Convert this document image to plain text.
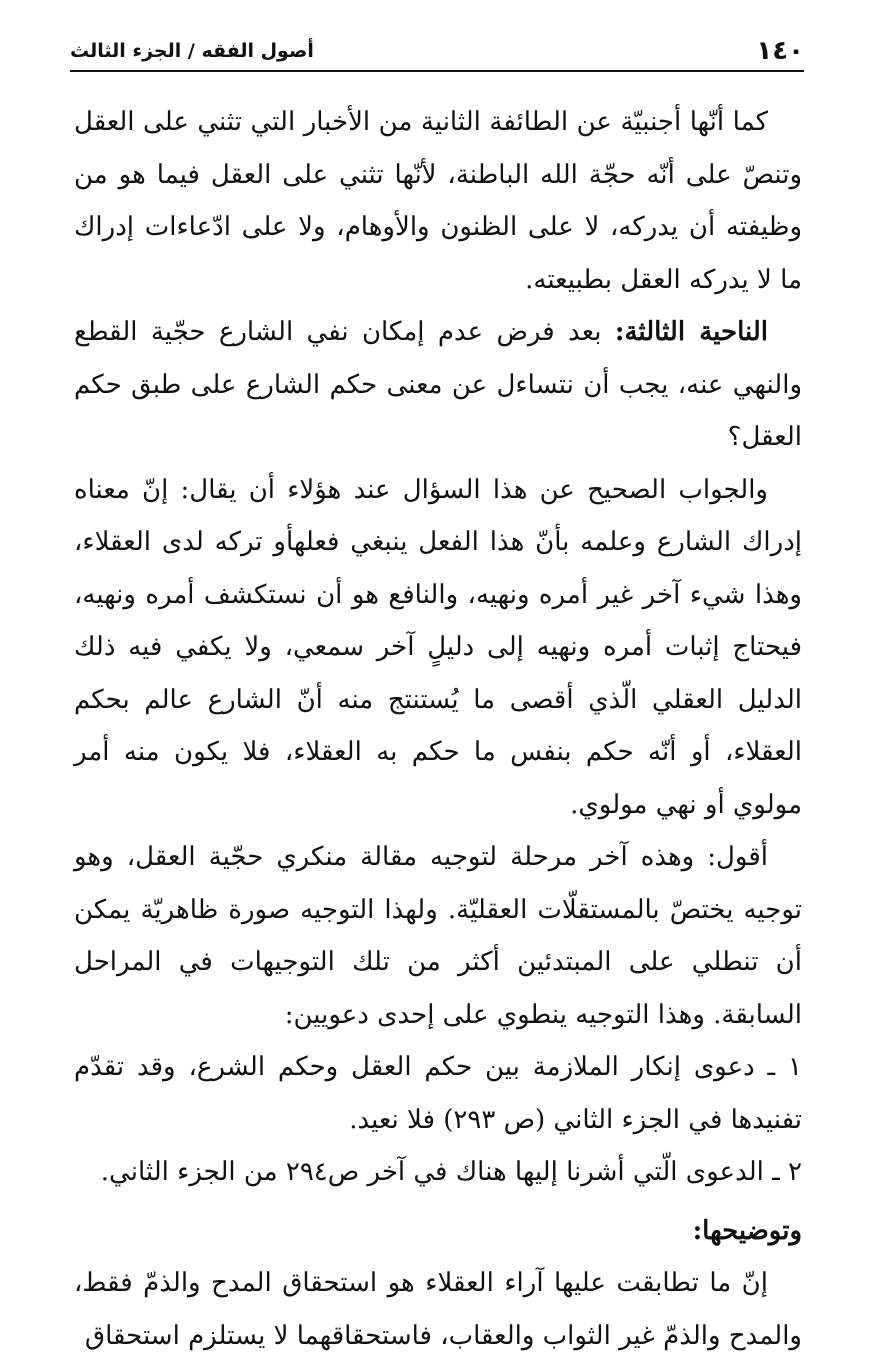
١٤٠
أصول الفقه / الجزء الثالث

كما أنّها أجنبيّة عن الطائفة الثانية من الأخبار التي تثني على العقل وتنصّ على أنّه حجّة الله الباطنة، لأنّها تثني على العقل فيما هو من وظيفته أن يدركه، لا على الظنون والأوهام، ولا على ادّعاءات إدراك ما لا يدركه العقل بطبيعته.

الناحية الثالثة: بعد فرض عدم إمكان نفي الشارع حجّية القطع والنهي عنه، يجب أن نتساءل عن معنى حكم الشارع على طبق حكم العقل؟

والجواب الصحيح عن هذا السؤال عند هؤلاء أن يقال: إنّ معناه إدراك الشارع وعلمه بأنّ هذا الفعل ينبغي فعلهأو تركه لدى العقلاء، وهذا شيء آخر غير أمره ونهيه، والنافع هو أن نستكشف أمره ونهيه، فيحتاج إثبات أمره ونهيه إلى دليلٍ آخر سمعي، ولا يكفي فيه ذلك الدليل العقلي الّذي أقصى ما يُستنتج منه أنّ الشارع عالم بحكم العقلاء، أو أنّه حكم بنفس ما حكم به العقلاء، فلا يكون منه أمر مولوي أو نهي مولوي.

أقول: وهذه آخر مرحلة لتوجيه مقالة منكري حجّية العقل، وهو توجيه يختصّ بالمستقلّات العقليّة. ولهذا التوجيه صورة ظاهريّة يمكن أن تنطلي على المبتدئين أكثر من تلك التوجيهات في المراحل السابقة. وهذا التوجيه ينطوي على إحدى دعويين:

١ ـ دعوى إنكار الملازمة بين حكم العقل وحكم الشرع، وقد تقدّم تفنيدها في الجزء الثاني (ص ٢٩٣) فلا نعيد.

٢ ـ الدعوى الّتي أشرنا إليها هناك في آخر ص٢٩٤ من الجزء الثاني.

وتوضيحها:

إنّ ما تطابقت عليها آراء العقلاء هو استحقاق المدح والذمّ فقط، والمدح والذمّ غير الثواب والعقاب، فاستحقاقهما لا يستلزم استحقاق
